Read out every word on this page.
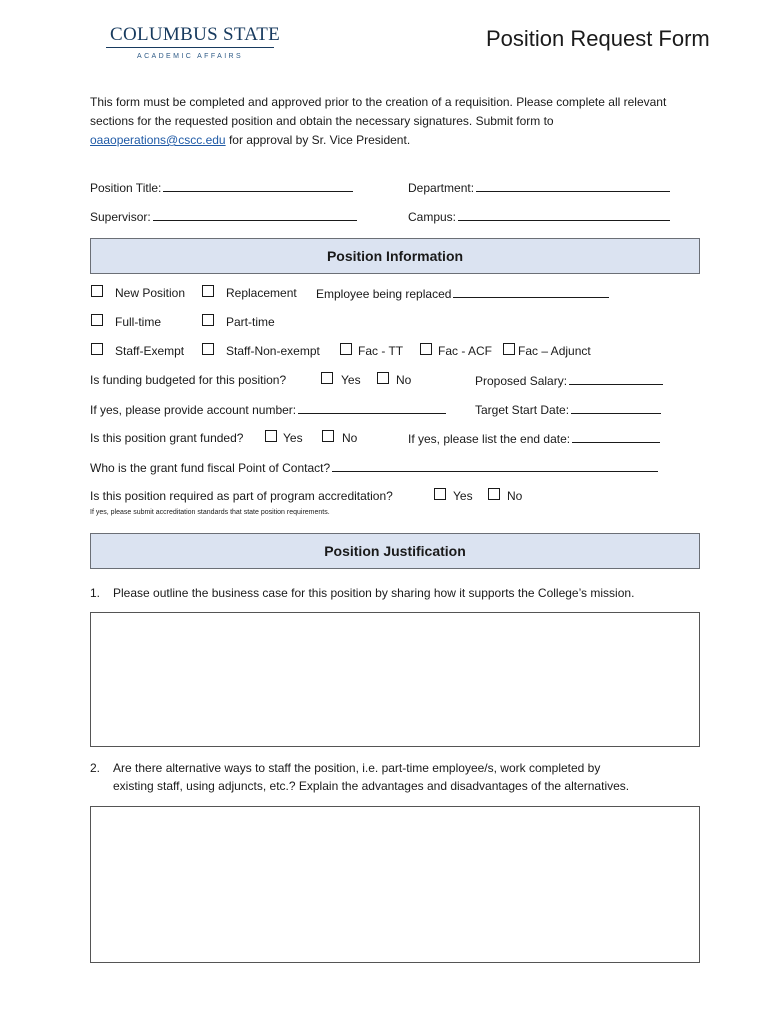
COLUMBUS STATE
ACADEMIC AFFAIRS
Position Request Form
This form must be completed and approved prior to the creation of a requisition. Please complete all relevant sections for the requested position and obtain the necessary signatures. Submit form to oaaoperations@cscc.edu for approval by Sr. Vice President.
Position Title:	Department:
Supervisor:	Campus:
Position Information
New Position	Replacement Employee being replaced
Full-time	Part-time
Staff-Exempt	Staff-Non-exempt	Fac - TT	Fac - ACF Fac – Adjunct
Is funding budgeted for this position?	Yes	No	Proposed Salary:
If yes, please provide account number:	Target Start Date:
Is this position grant funded?	Yes	No	If yes, please list the end date:
Who is the grant fund fiscal Point of Contact?
Is this position required as part of program accreditation?	Yes	No
If yes, please submit accreditation standards that state position requirements.
Position Justification
1. Please outline the business case for this position by sharing how it supports the College’s mission.
2. Are there alternative ways to staff the position, i.e. part-time employee/s, work completed by
existing staff, using adjuncts, etc.? Explain the advantages and disadvantages of the alternatives.
